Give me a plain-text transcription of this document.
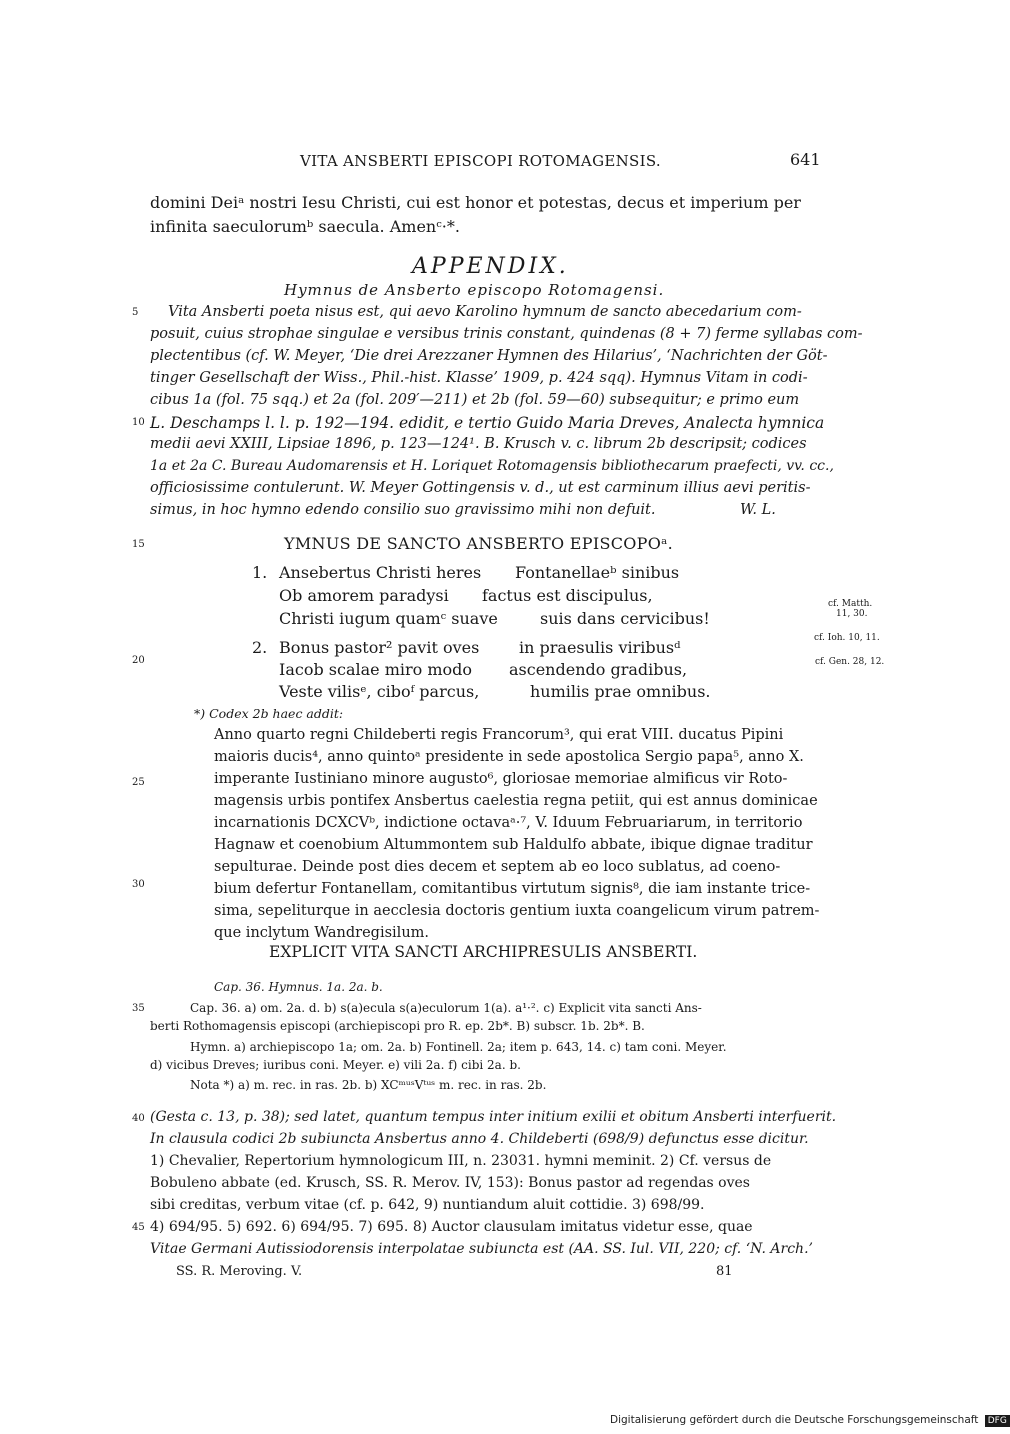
VITA ANSBERTI EPISCOPI ROTOMAGENSIS.	641
domini Deiᵃ nostri Iesu Christi, cui est honor et potestas, decus et imperium per
infinita saeculorumᵇ saecula. Amenᶜ·*.
APPENDIX.
Hymnus de Ansberto episcopo Rotomagensi.
Vita Ansberti poeta nisus est, qui aevo Karolino hymnum de sancto abecedarium com-
posuit, cuius strophae singulae e versibus trinis constant, quindenas (8 + 7) ferme syllabas com-
plectentibus (cf. W. Meyer, ‘Die drei Arezzaner Hymnen des Hilarius’, ‘Nachrichten der Göt-
tinger Gesellschaft der Wiss., Phil.-hist. Klasse’ 1909, p. 424 sqq). Hymnus Vitam in codi-
cibus 1a (fol. 75 sqq.) et 2a (fol. 209′—211) et 2b (fol. 59—60) subsequitur; e primo eum
L. Deschamps l. l. p. 192—194. edidit, e tertio Guido Maria Dreves, Analecta hymnica
medii aevi XXIII, Lipsiae 1896, p. 123—124¹. B. Krusch v. c. librum 2b descripsit; codices
1a et 2a C. Bureau Audomarensis et H. Loriquet Rotomagensis bibliothecarum praefecti, vv. cc.,
officiosissime contulerunt. W. Meyer Gottingensis v. d., ut est carminum illius aevi peritis-
simus, in hoc hymno edendo consilio suo gravissimo mihi non defuit.	W. L.
YMNUS DE SANCTO ANSBERTO EPISCOPOᵃ.
1. Ansebertus Christi heres Fontanellaeᵇ sinibus
Ob amorem paradysi factus est discipulus,
Christi iugum quamᶜ suave	suis dans cervicibus!
2. Bonus pastor² pavit oves in praesulis viribusᵈ
Iacob scalae miro modo ascendendo gradibus,
Veste vilisᵉ, ciboᶠ parcus,	humilis prae omnibus.
cf. Matth.
11, 30.
cf. Ioh. 10, 11.
cf. Gen. 28, 12.
*) Codex 2b haec addit:
Anno quarto regni Childeberti regis Francorum³, qui erat VIII. ducatus Pipini
maioris ducis⁴, anno quintoᵃ presidente in sede apostolica Sergio papa⁵, anno X.
imperante Iustiniano minore augusto⁶, gloriosae memoriae almificus vir Roto-
magensis urbis pontifex Ansbertus caelestia regna petiit, qui est annus dominicae
incarnationis DCXCVᵇ, indictione octavaᵃ·⁷, V. Iduum Februariarum, in territorio
Hagnaw et coenobium Altummontem sub Haldulfo abbate, ibique dignae traditur
sepulturae. Deinde post dies decem et septem ab eo loco sublatus, ad coeno-
bium defertur Fontanellam, comitantibus virtutum signis⁸, die iam instante trice-
sima, sepeliturque in aecclesia doctoris gentium iuxta coangelicum virum patrem-
que inclytum Wandregisilum.
EXPLICIT VITA SANCTI ARCHIPRESULIS ANSBERTI.
Cap. 36. Hymnus. 1a. 2a. b.
Cap. 36. a) om. 2a. d. b) s(a)ecula s(a)eculorum 1(a). a¹·². c) Explicit vita sancti Ans-
berti Rothomagensis episcopi (archiepiscopi pro R. ep. 2b*. B) subscr. 1b. 2b*. B.
Hymn. a) archiepiscopo 1a; om. 2a. b) Fontinell. 2a; item p. 643, 14. c) tam coni. Meyer.
d) vicibus Dreves; iuribus coni. Meyer. e) vili 2a. f) cibi 2a. b.
Nota *) a) m. rec. in ras. 2b. b) XCᵐᵘˢVᵗᵘˢ m. rec. in ras. 2b.
(Gesta c. 13, p. 38); sed latet, quantum tempus inter initium exilii et obitum Ansberti interfuerit.
In clausula codici 2b subiuncta Ansbertus anno 4. Childeberti (698/9) defunctus esse dicitur.
1) Chevalier, Repertorium hymnologicum III, n. 23031. hymni meminit. 2) Cf. versus de
Bobuleno abbate (ed. Krusch, SS. R. Merov. IV, 153): Bonus pastor ad regendas oves
sibi creditas, verbum vitae (cf. p. 642, 9) nuntiandum aluit cottidie. 3) 698/99.
4) 694/95. 5) 692. 6) 694/95. 7) 695. 8) Auctor clausulam imitatus videtur esse, quae
Vitae Germani Autissiodorensis interpolatae subiuncta est (AA. SS. Iul. VII, 220; cf. ‘N. Arch.’
SS. R. Meroving. V.	81
5
10
15
20
25
30
35
40
45
Digitalisierung gefördert durch die Deutsche Forschungsgemeinschaft DFG
